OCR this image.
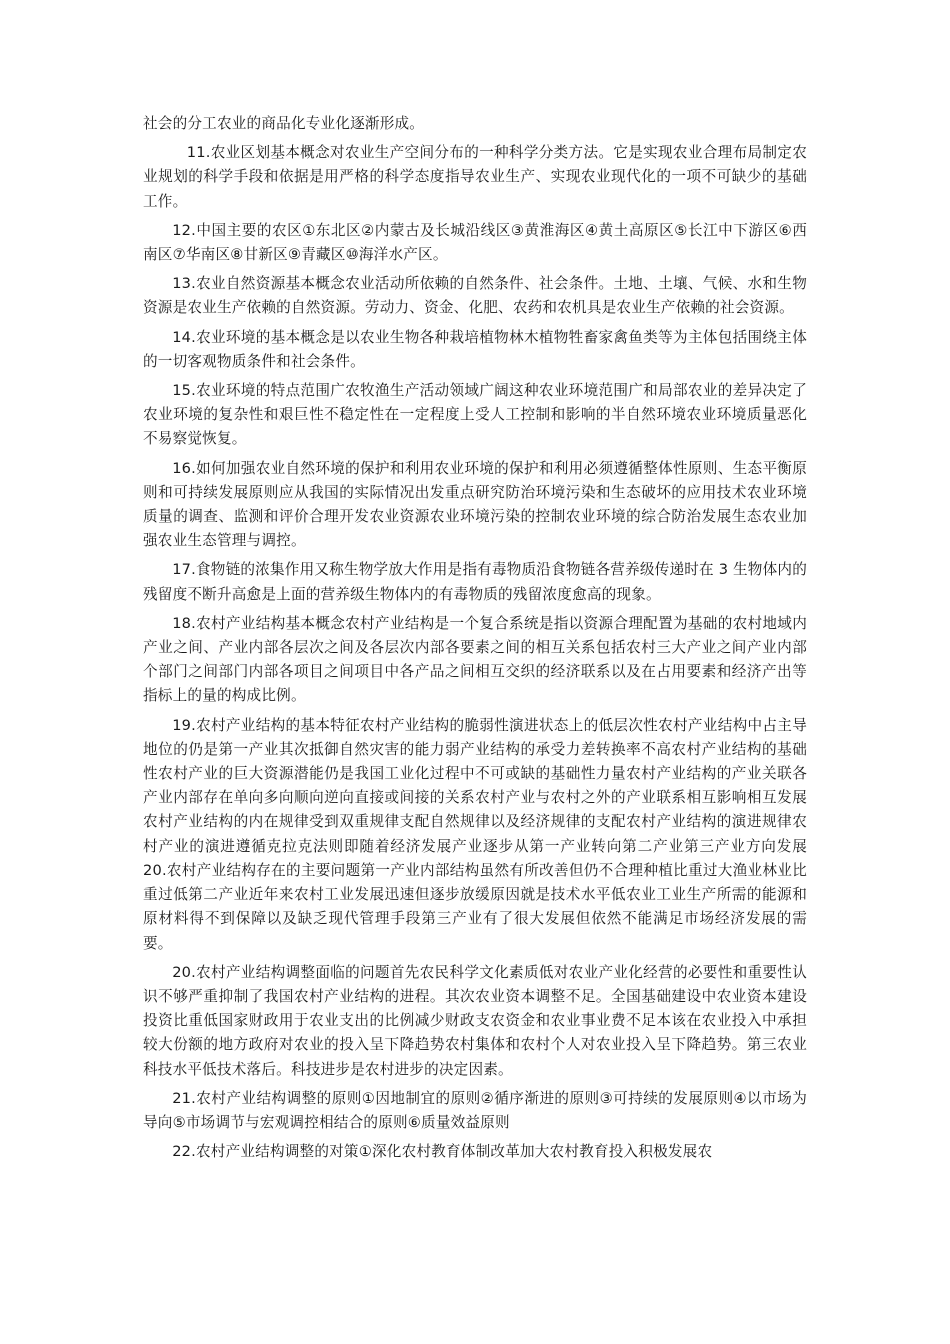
社会的分工农业的商品化专业化逐渐形成。

11.农业区划基本概念对农业生产空间分布的一种科学分类方法。它是实现农业合理布局制定农业规划的科学手段和依据是用严格的科学态度指导农业生产、实现农业现代化的一项不可缺少的基础工作。

12.中国主要的农区①东北区②内蒙古及长城沿线区③黄淮海区④黄土高原区⑤长江中下游区⑥西南区⑦华南区⑧甘新区⑨青藏区⑩海洋水产区。

13.农业自然资源基本概念农业活动所依赖的自然条件、社会条件。土地、土壤、气候、水和生物资源是农业生产依赖的自然资源。劳动力、资金、化肥、农药和农机具是农业生产依赖的社会资源。

14.农业环境的基本概念是以农业生物各种栽培植物林木植物牲畜家禽鱼类等为主体包括围绕主体的一切客观物质条件和社会条件。

15.农业环境的特点范围广农牧渔生产活动领域广阔这种农业环境范围广和局部农业的差异决定了农业环境的复杂性和艰巨性不稳定性在一定程度上受人工控制和影响的半自然环境农业环境质量恶化不易察觉恢复。

16.如何加强农业自然环境的保护和利用农业环境的保护和利用必须遵循整体性原则、生态平衡原则和可持续发展原则应从我国的实际情况出发重点研究防治环境污染和生态破坏的应用技术农业环境质量的调查、监测和评价合理开发农业资源农业环境污染的控制农业环境的综合防治发展生态农业加强农业生态管理与调控。

17.食物链的浓集作用又称生物学放大作用是指有毒物质沿食物链各营养级传递时在 3 生物体内的残留度不断升高愈是上面的营养级生物体内的有毒物质的残留浓度愈高的现象。

18.农村产业结构基本概念农村产业结构是一个复合系统是指以资源合理配置为基础的农村地域内产业之间、产业内部各层次之间及各层次内部各要素之间的相互关系包括农村三大产业之间产业内部个部门之间部门内部各项目之间项目中各产品之间相互交织的经济联系以及在占用要素和经济产出等指标上的量的构成比例。

19.农村产业结构的基本特征农村产业结构的脆弱性演进状态上的低层次性农村产业结构中占主导地位的仍是第一产业其次抵御自然灾害的能力弱产业结构的承受力差转换率不高农村产业结构的基础性农村产业的巨大资源潜能仍是我国工业化过程中不可或缺的基础性力量农村产业结构的产业关联各产业内部存在单向多向顺向逆向直接或间接的关系农村产业与农村之外的产业联系相互影响相互发展农村产业结构的内在规律受到双重规律支配自然规律以及经济规律的支配农村产业结构的演进规律农村产业的演进遵循克拉克法则即随着经济发展产业逐步从第一产业转向第二产业第三产业方向发展 20.农村产业结构存在的主要问题第一产业内部结构虽然有所改善但仍不合理种植比重过大渔业林业比重过低第二产业近年来农村工业发展迅速但逐步放缓原因就是技术水平低农业工业生产所需的能源和原材料得不到保障以及缺乏现代管理手段第三产业有了很大发展但依然不能满足市场经济发展的需要。

20.农村产业结构调整面临的问题首先农民科学文化素质低对农业产业化经营的必要性和重要性认识不够严重抑制了我国农村产业结构的进程。其次农业资本调整不足。全国基础建设中农业资本建设投资比重低国家财政用于农业支出的比例减少财政支农资金和农业事业费不足本该在农业投入中承担较大份额的地方政府对农业的投入呈下降趋势农村集体和农村个人对农业投入呈下降趋势。第三农业科技水平低技术落后。科技进步是农村进步的决定因素。

21.农村产业结构调整的原则①因地制宜的原则②循序渐进的原则③可持续的发展原则④以市场为导向⑤市场调节与宏观调控相结合的原则⑥质量效益原则

22.农村产业结构调整的对策①深化农村教育体制改革加大农村教育投入积极发展农
